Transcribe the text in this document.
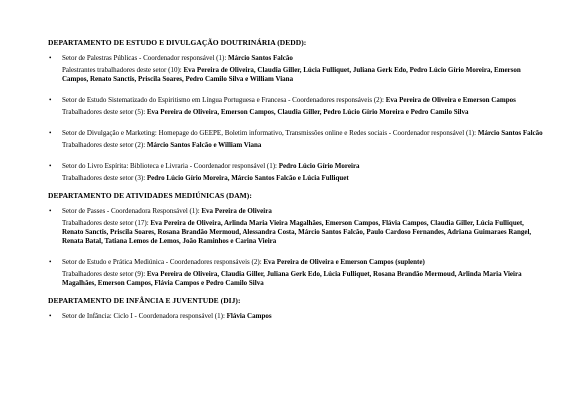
DEPARTAMENTO DE ESTUDO E DIVULGAÇÃO DOUTRINÁRIA (DEDD):

• Setor de Palestras Públicas - Coordenador responsável (1): Márcio Santos Falcão

Palestrantes trabalhadores deste setor (10): Eva Pereira de Oliveira, Claudia Giller, Lúcia Fulliquet, Juliana Gerk Edo, Pedro Lúcio Gírio Moreira, Emerson Campos, Renato Sanctis, Priscila Soares, Pedro Camilo Silva e William Viana

• Setor de Estudo Sistematizado do Espiritismo em Língua Portuguesa e Francesa - Coordenadores responsáveis (2): Eva Pereira de Oliveira e Emerson Campos

Trabalhadores deste setor (5): Eva Pereira de Oliveira, Emerson Campos, Claudia Giller, Pedro Lúcio Gírio Moreira e Pedro Camilo Silva

• Setor de Divulgação e Marketing: Homepage do GEEPE, Boletim informativo, Transmissões online e Redes sociais - Coordenador responsável (1): Márcio Santos Falcão

Trabalhadores deste setor (2): Márcio Santos Falcão e William Viana

• Setor do Livro Espírita: Biblioteca e Livraria - Coordenador responsável (1): Pedro Lúcio Gírio Moreira

Trabalhadores deste setor (3): Pedro Lúcio Gírio Moreira, Márcio Santos Falcão e Lúcia Fulliquet

DEPARTAMENTO DE ATIVIDADES MEDIÚNICAS (DAM):

• Setor de Passes - Coordenadora Responsável (1): Eva Pereira de Oliveira

Trabalhadores deste setor (17): Eva Pereira de Oliveira, Arlinda Maria Vieira Magalhães, Emerson Campos, Flávia Campos, Claudia Giller, Lúcia Fulliquet, Renato Sanctis, Priscila Soares, Rosana Brandão Mermoud, Alessandra Costa, Márcio Santos Falcão, Paulo Cardoso Fernandes, Adriana Guimaraes Rangel, Renata Batal, Tatiana Lemos de Lemos, João Raminhos e Carina Vieira

• Setor de Estudo e Prática Mediúnica - Coordenadores responsáveis (2): Eva Pereira de Oliveira e Emerson Campos (suplente)

Trabalhadores deste setor (9): Eva Pereira de Oliveira, Claudia Giller, Juliana Gerk Edo, Lúcia Fulliquet, Rosana Brandão Mermoud, Arlinda Maria Vieira Magalhães, Emerson Campos, Flávia Campos e Pedro Camilo Silva

DEPARTAMENTO DE INFÂNCIA E JUVENTUDE (DIJ):

• Setor de Infância: Ciclo I - Coordenadora responsável (1): Flávia Campos
